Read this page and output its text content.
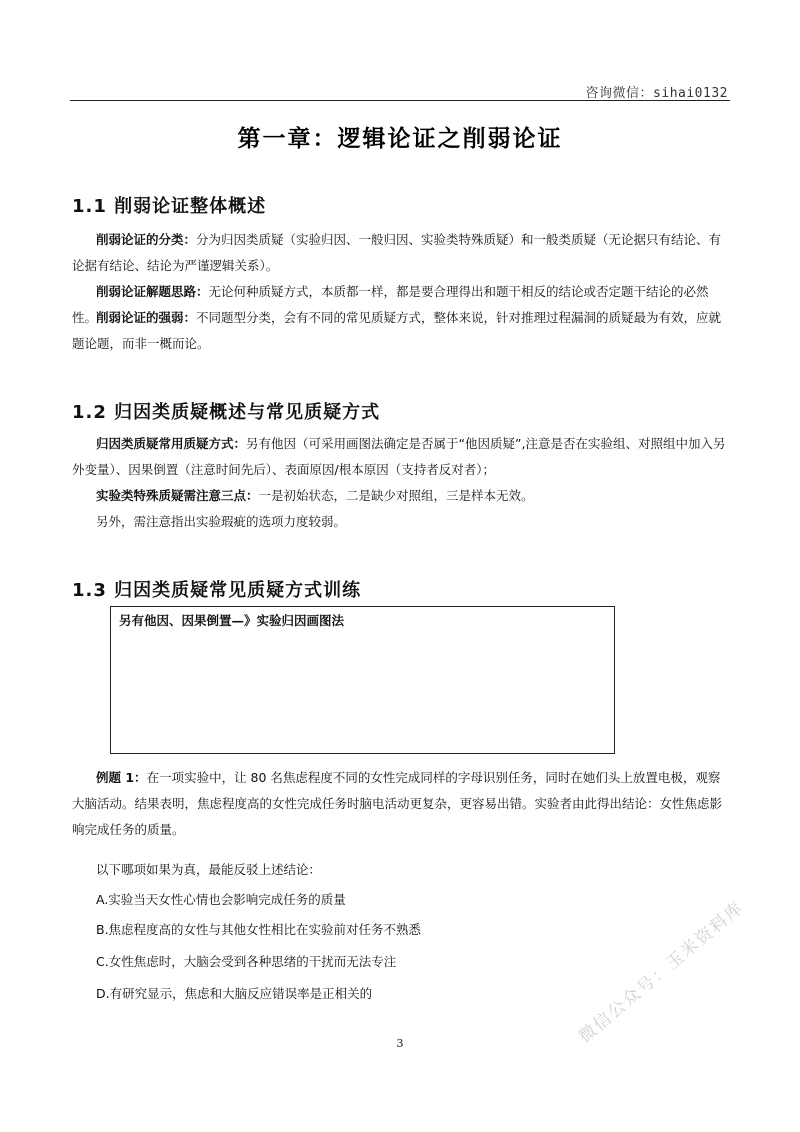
咨询微信：sihai0132
第一章：逻辑论证之削弱论证
1.1 削弱论证整体概述

削弱论证的分类：分为归因类质疑（实验归因、一般归因、实验类特殊质疑）和一般类质疑（无论据只有结论、有论据有结论、结论为严谨逻辑关系）。

削弱论证解题思路：无论何种质疑方式，本质都一样，都是要合理得出和题干相反的结论或否定题干结论的必然性。

削弱论证的强弱：不同题型分类，会有不同的常见质疑方式，整体来说，针对推理过程漏洞的质疑最为有效，应就题论题，而非一概而论。

1.2 归因类质疑概述与常见质疑方式

归因类质疑常用质疑方式：另有他因（可采用画图法确定是否属于“他因质疑”,注意是否在实验组、对照组中加入另外变量）、因果倒置（注意时间先后）、表面原因/根本原因（支持者反对者）；

实验类特殊质疑需注意三点：一是初始状态，二是缺少对照组，三是样本无效。

另外，需注意指出实验瑕疵的选项力度较弱。

1.3 归因类质疑常见质疑方式训练
另有他因、因果倒置—》实验归因画图法

例题 1：在一项实验中，让 80 名焦虑程度不同的女性完成同样的字母识别任务，同时在她们头上放置电极，观察大脑活动。结果表明，焦虑程度高的女性完成任务时脑电活动更复杂，更容易出错。实验者由此得出结论：女性焦虑影响完成任务的质量。

以下哪项如果为真，最能反驳上述结论：
A.实验当天女性心情也会影响完成任务的质量
B.焦虑程度高的女性与其他女性相比在实验前对任务不熟悉
C.女性焦虑时，大脑会受到各种思绪的干扰而无法专注
D.有研究显示，焦虑和大脑反应错误率是正相关的
3	微信公众号：玉米资料库
